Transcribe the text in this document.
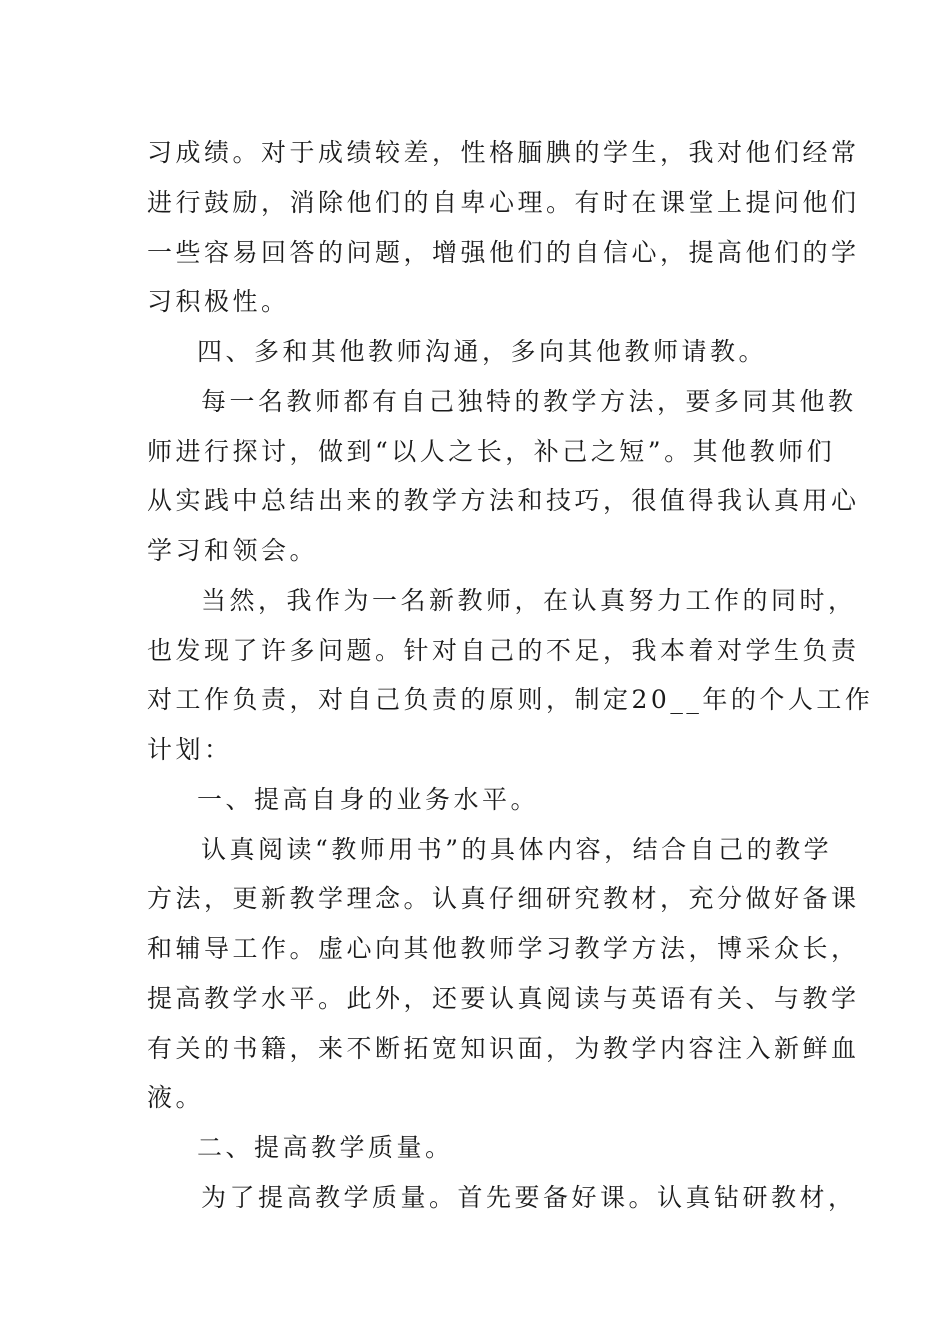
习成绩。对于成绩较差，性格腼腆的学生，我对他们经常
进行鼓励，消除他们的自卑心理。有时在课堂上提问他们
一些容易回答的问题，增强他们的自信心，提高他们的学
习积极性。
四、多和其他教师沟通，多向其他教师请教。
每一名教师都有自己独特的教学方法，要多同其他教
师进行探讨，做到“以人之长，补己之短”。其他教师们
从实践中总结出来的教学方法和技巧，很值得我认真用心
学习和领会。
当然，我作为一名新教师，在认真努力工作的同时，
也发现了许多问题。针对自己的不足，我本着对学生负责
对工作负责，对自己负责的原则，制定20__年的个人工作
计划：
一、提高自身的业务水平。
认真阅读“教师用书”的具体内容，结合自己的教学
方法，更新教学理念。认真仔细研究教材，充分做好备课
和辅导工作。虚心向其他教师学习教学方法，博采众长，
提高教学水平。此外，还要认真阅读与英语有关、与教学
有关的书籍，来不断拓宽知识面，为教学内容注入新鲜血
液。
二、提高教学质量。
为了提高教学质量。首先要备好课。认真钻研教材，
